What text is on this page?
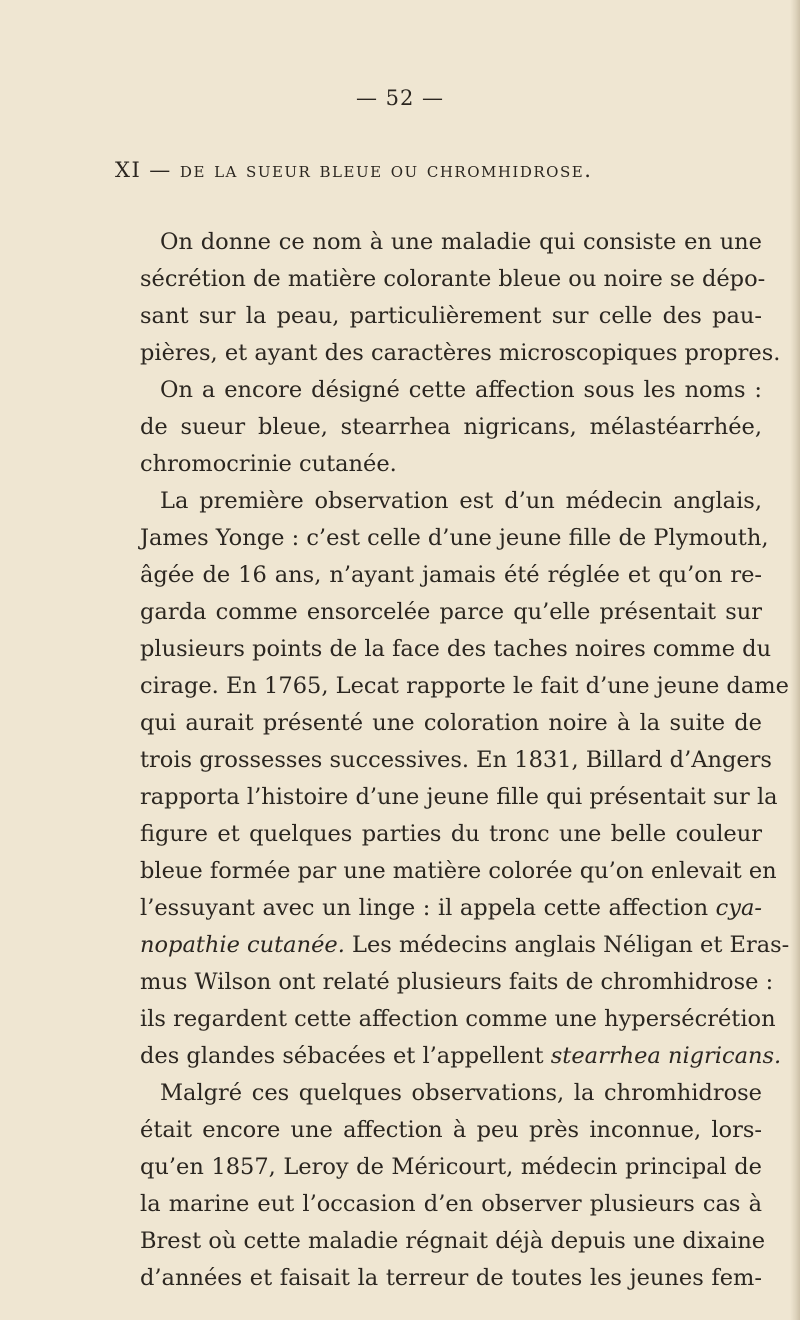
— 52 —
XI — de la sueur bleue ou chromhidrose.
On donne ce nom à une maladie qui consiste en une
sécrétion de matière colorante bleue ou noire se dépo-
sant sur la peau, particulièrement sur celle des pau-
pières, et ayant des caractères microscopiques propres.
On a encore désigné cette affection sous les noms :
de sueur bleue, stearrhea nigricans, mélastéarrhée,
chromocrinie cutanée.
La première observation est d’un médecin anglais,
James Yonge : c’est celle d’une jeune fille de Plymouth,
âgée de 16 ans, n’ayant jamais été réglée et qu’on re-
garda comme ensorcelée parce qu’elle présentait sur
plusieurs points de la face des taches noires comme du
cirage. En 1765, Lecat rapporte le fait d’une jeune dame
qui aurait présenté une coloration noire à la suite de
trois grossesses successives. En 1831, Billard d’Angers
rapporta l’histoire d’une jeune fille qui présentait sur la
figure et quelques parties du tronc une belle couleur
bleue formée par une matière colorée qu’on enlevait en
l’essuyant avec un linge : il appela cette affection cya-
nopathie cutanée. Les médecins anglais Néligan et Eras-
mus Wilson ont relaté plusieurs faits de chromhidrose :
ils regardent cette affection comme une hypersécrétion
des glandes sébacées et l’appellent stearrhea nigricans.
Malgré ces quelques observations, la chromhidrose
était encore une affection à peu près inconnue, lors-
qu’en 1857, Leroy de Méricourt, médecin principal de
la marine eut l’occasion d’en observer plusieurs cas à
Brest où cette maladie régnait déjà depuis une dixaine
d’années et faisait la terreur de toutes les jeunes fem-
